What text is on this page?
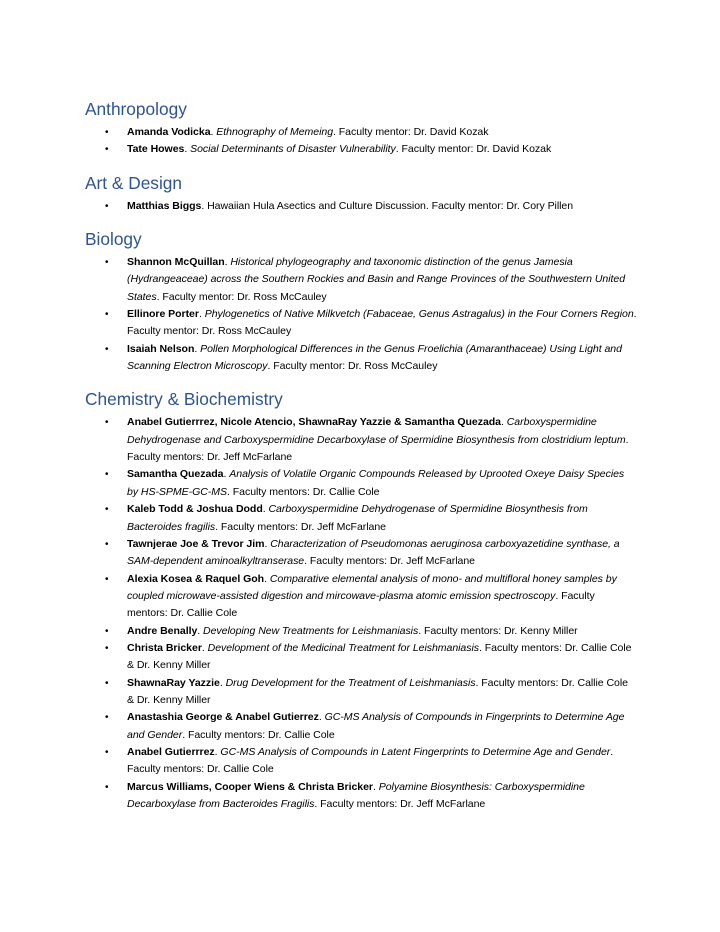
Anthropology
•	Amanda Vodicka. Ethnography of Memeing. Faculty mentor: Dr. David Kozak
•	Tate Howes. Social Determinants of Disaster Vulnerability. Faculty mentor: Dr. David Kozak
Art & Design
•	Matthias Biggs. Hawaiian Hula Asectics and Culture Discussion. Faculty mentor: Dr. Cory Pillen
Biology
•	Shannon McQuillan. Historical phylogeography and taxonomic distinction of the genus Jamesia (Hydrangeaceae) across the Southern Rockies and Basin and Range Provinces of the Southwestern United States. Faculty mentor: Dr. Ross McCauley
•	Ellinore Porter. Phylogenetics of Native Milkvetch (Fabaceae, Genus Astragalus) in the Four Corners Region. Faculty mentor: Dr. Ross McCauley
•	Isaiah Nelson. Pollen Morphological Differences in the Genus Froelichia (Amaranthaceae) Using Light and Scanning Electron Microscopy. Faculty mentor: Dr. Ross McCauley
Chemistry & Biochemistry
•	Anabel Gutierrrez, Nicole Atencio, ShawnaRay Yazzie & Samantha Quezada. Carboxyspermidine Dehydrogenase and Carboxyspermidine Decarboxylase of Spermidine Biosynthesis from clostridium leptum. Faculty mentors: Dr. Jeff McFarlane
•	Samantha Quezada. Analysis of Volatile Organic Compounds Released by Uprooted Oxeye Daisy Species by HS-SPME-GC-MS. Faculty mentors: Dr. Callie Cole
•	Kaleb Todd & Joshua Dodd. Carboxyspermidine Dehydrogenase of Spermidine Biosynthesis from Bacteroides fragilis. Faculty mentors: Dr. Jeff McFarlane
•	Tawnjerae Joe & Trevor Jim. Characterization of Pseudomonas aeruginosa carboxyazetidine synthase, a SAM-dependent aminoalkyltranserase. Faculty mentors: Dr. Jeff McFarlane
•	Alexia Kosea & Raquel Goh. Comparative elemental analysis of mono- and multifloral honey samples by coupled microwave-assisted digestion and mircowave-plasma atomic emission spectroscopy. Faculty mentors: Dr. Callie Cole
•	Andre Benally. Developing New Treatments for Leishmaniasis. Faculty mentors: Dr. Kenny Miller
•	Christa Bricker. Development of the Medicinal Treatment for Leishmaniasis. Faculty mentors: Dr. Callie Cole & Dr. Kenny Miller
•	ShawnaRay Yazzie. Drug Development for the Treatment of Leishmaniasis. Faculty mentors: Dr. Callie Cole & Dr. Kenny Miller
•	Anastashia George & Anabel Gutierrez. GC-MS Analysis of Compounds in Fingerprints to Determine Age and Gender. Faculty mentors: Dr. Callie Cole
•	Anabel Gutierrrez. GC-MS Analysis of Compounds in Latent Fingerprints to Determine Age and Gender. Faculty mentors: Dr. Callie Cole
•	Marcus Williams, Cooper Wiens & Christa Bricker. Polyamine Biosynthesis: Carboxyspermidine Decarboxylase from Bacteroides Fragilis. Faculty mentors: Dr. Jeff McFarlane
